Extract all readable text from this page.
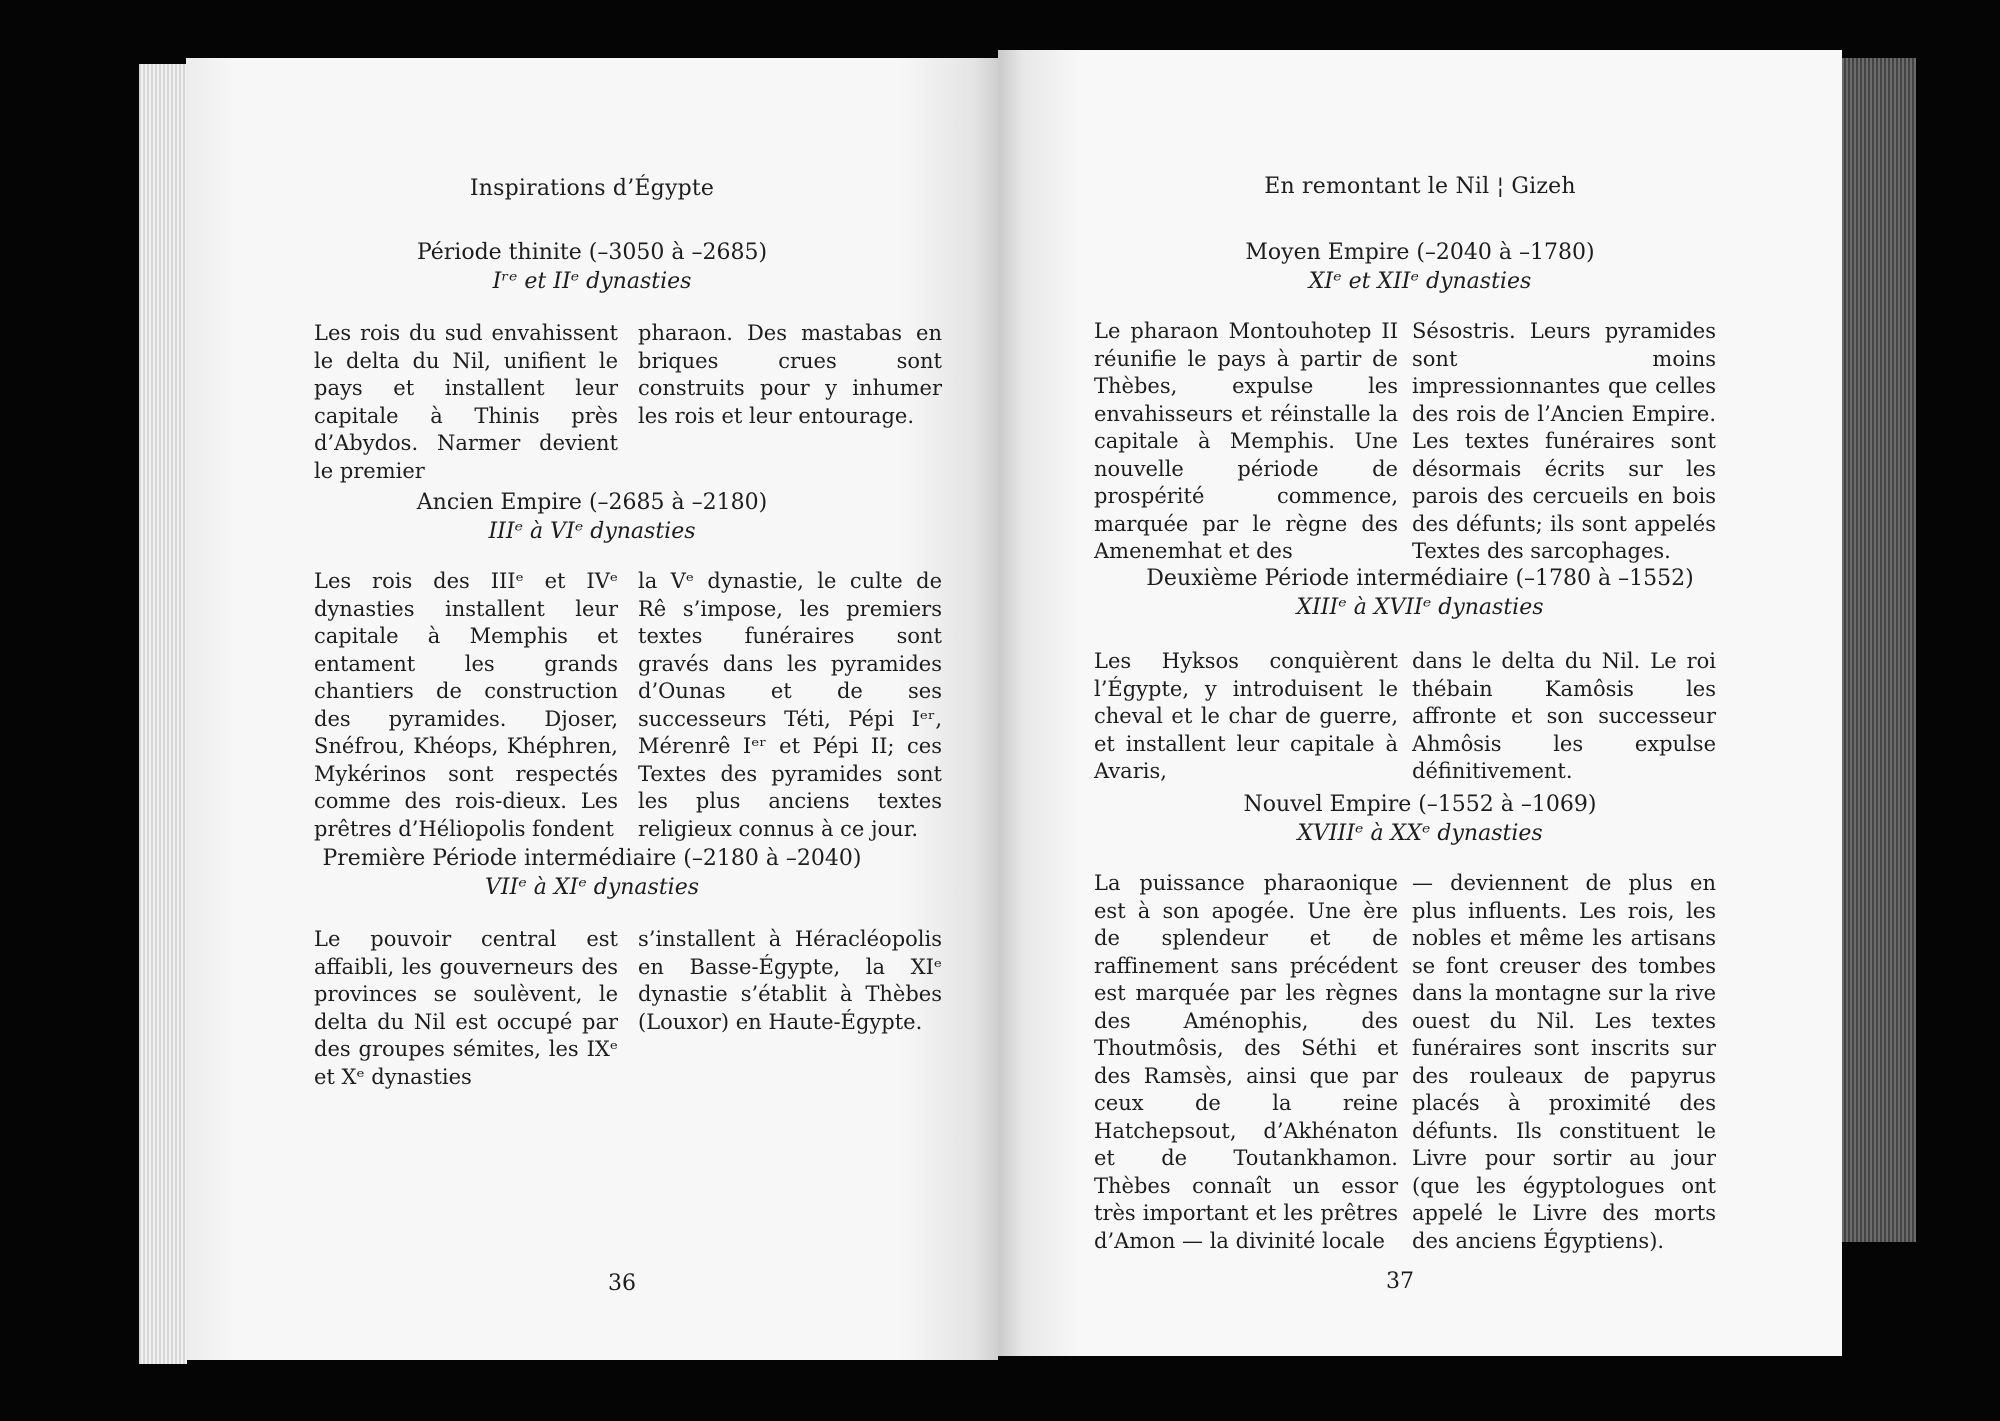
Inspirations d’Égypte
Période thinite (–3050 à –2685)
Iʳᵉ et IIᵉ dynasties

Les rois du sud envahissent le delta du Nil, unifient le pays et installent leur capitale à Thinis près d’Abydos. Narmer devient le premier

pharaon. Des mastabas en briques crues sont construits pour y inhumer les rois et leur entourage.

Ancien Empire (–2685 à –2180)
IIIᵉ à VIᵉ dynasties

Les rois des IIIᵉ et IVᵉ dynasties installent leur capitale à Memphis et entament les grands chantiers de construction des pyramides. Djoser, Snéfrou, Khéops, Khéphren, Mykérinos sont respectés comme des rois-dieux. Les prêtres d’Héliopolis fondent

la Vᵉ dynastie, le culte de Rê s’impose, les premiers textes funéraires sont gravés dans les pyramides d’Ounas et de ses successeurs Téti, Pépi Iᵉʳ, Mérenrê Iᵉʳ et Pépi II; ces Textes des pyramides sont les plus anciens textes religieux connus à ce jour.

Première Période intermédiaire (–2180 à –2040)
VIIᵉ à XIᵉ dynasties

Le pouvoir central est affaibli, les gouverneurs des provinces se soulèvent, le delta du Nil est occupé par des groupes sémites, les IXᵉ et Xᵉ dynasties

s’installent à Héracléopolis en Basse-Égypte, la XIᵉ dynastie s’établit à Thèbes (Louxor) en Haute-Égypte.

36
En remontant le Nil ¦ Gizeh
Moyen Empire (–2040 à –1780)
XIᵉ et XIIᵉ dynasties

Le pharaon Montouhotep II réunifie le pays à partir de Thèbes, expulse les envahisseurs et réinstalle la capitale à Memphis. Une nouvelle période de prospérité commence, marquée par le règne des Amenemhat et des

Sésostris. Leurs pyramides sont moins impressionnantes que celles des rois de l’Ancien Empire. Les textes funéraires sont désormais écrits sur les parois des cercueils en bois des défunts; ils sont appelés Textes des sarcophages.

Deuxième Période intermédiaire (–1780 à –1552)
XIIIᵉ à XVIIᵉ dynasties

Les Hyksos conquièrent l’Égypte, y introduisent le cheval et le char de guerre, et installent leur capitale à Avaris,

dans le delta du Nil. Le roi thébain Kamôsis les affronte et son successeur Ahmôsis les expulse définitivement.

Nouvel Empire (–1552 à –1069)
XVIIIᵉ à XXᵉ dynasties

La puissance pharaonique est à son apogée. Une ère de splendeur et de raffinement sans précédent est marquée par les règnes des Aménophis, des Thoutmôsis, des Séthi et des Ramsès, ainsi que par ceux de la reine Hatchepsout, d’Akhénaton et de Toutankhamon. Thèbes connaît un essor très important et les prêtres d’Amon — la divinité locale

— deviennent de plus en plus influents. Les rois, les nobles et même les artisans se font creuser des tombes dans la montagne sur la rive ouest du Nil. Les textes funéraires sont inscrits sur des rouleaux de papyrus placés à proximité des défunts. Ils constituent le Livre pour sortir au jour (que les égyptologues ont appelé le Livre des morts des anciens Égyptiens).

37
